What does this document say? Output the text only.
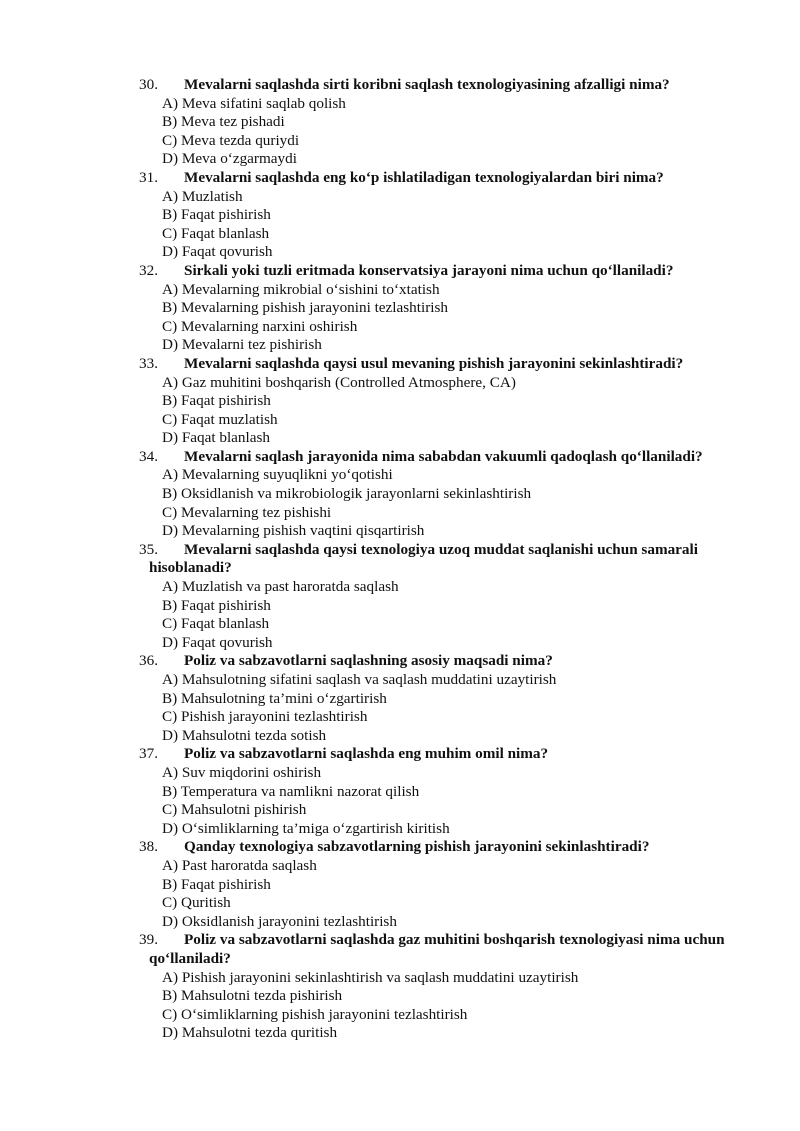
30.	Mevalarni saqlashda sirti koribni saqlash texnologiyasining afzalligi nima?
A) Meva sifatini saqlab qolish
B) Meva tez pishadi
C) Meva tezda quriydi
D) Meva o‘zgarmaydi
31.	Mevalarni saqlashda eng ko‘p ishlatiladigan texnologiyalardan biri nima?
A) Muzlatish
B) Faqat pishirish
C) Faqat blanlash
D) Faqat qovurish
32.	Sirkali yoki tuzli eritmada konservatsiya jarayoni nima uchun qo‘llaniladi?
A) Mevalarning mikrobial o‘sishini to‘xtatish
B) Mevalarning pishish jarayonini tezlashtirish
C) Mevalarning narxini oshirish
D) Mevalarni tez pishirish
33.	Mevalarni saqlashda qaysi usul mevaning pishish jarayonini sekinlashtiradi?
A) Gaz muhitini boshqarish (Controlled Atmosphere, CA)
B) Faqat pishirish
C) Faqat muzlatish
D) Faqat blanlash
34.	Mevalarni saqlash jarayonida nima sababdan vakuumli qadoqlash qo‘llaniladi?
A) Mevalarning suyuqlikni yo‘qotishi
B) Oksidlanish va mikrobiologik jarayonlarni sekinlashtirish
C) Mevalarning tez pishishi
D) Mevalarning pishish vaqtini qisqartirish
35.	Mevalarni saqlashda qaysi texnologiya uzoq muddat saqlanishi uchun samarali hisoblanadi?
A) Muzlatish va past haroratda saqlash
B) Faqat pishirish
C) Faqat blanlash
D) Faqat qovurish
36.	Poliz va sabzavotlarni saqlashning asosiy maqsadi nima?
A) Mahsulotning sifatini saqlash va saqlash muddatini uzaytirish
B) Mahsulotning ta’mini o‘zgartirish
C) Pishish jarayonini tezlashtirish
D) Mahsulotni tezda sotish
37.	Poliz va sabzavotlarni saqlashda eng muhim omil nima?
A) Suv miqdorini oshirish
B) Temperatura va namlikni nazorat qilish
C) Mahsulotni pishirish
D) O‘simliklarning ta’miga o‘zgartirish kiritish
38.	Qanday texnologiya sabzavotlarning pishish jarayonini sekinlashtiradi?
A) Past haroratda saqlash
B) Faqat pishirish
C) Quritish
D) Oksidlanish jarayonini tezlashtirish
39.	Poliz va sabzavotlarni saqlashda gaz muhitini boshqarish texnologiyasi nima uchun qo‘llaniladi?
A) Pishish jarayonini sekinlashtirish va saqlash muddatini uzaytirish
B) Mahsulotni tezda pishirish
C) O‘simliklarning pishish jarayonini tezlashtirish
D) Mahsulotni tezda quritish
